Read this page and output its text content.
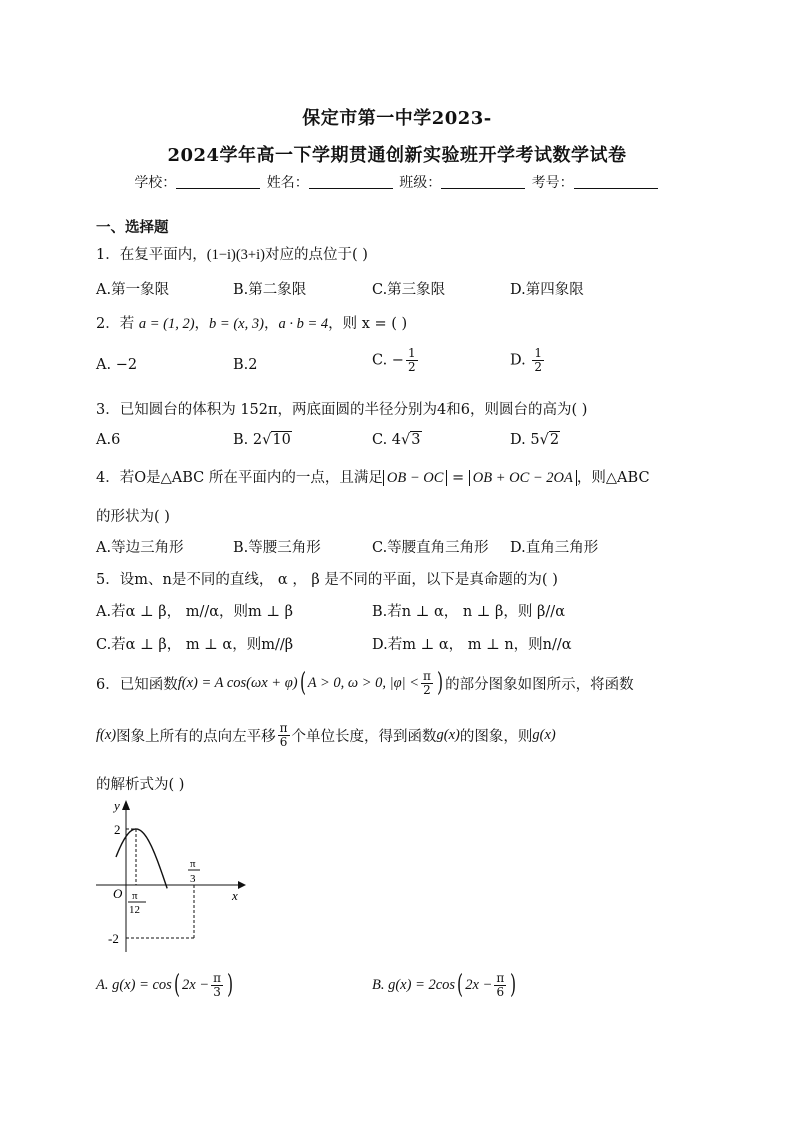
保定市第一中学2023-
2024学年高一下学期贯通创新实验班开学考试数学试卷
学校：	姓名：	班级：	考号：
一、选择题
1．在复平面内，(1−i)(3+i)对应的点位于( )
A.第一象限	B.第二象限	C.第三象限	D.第四象限
2．若 a = (1, 2)，b = (x, 3)，a · b = 4，则 x = ( )
A. −2	B.2	C. − $\frac{1}{2}$	D. $\frac{1}{2}$
3．已知圆台的体积为 152π，两底面圆的半径分别为4和6，则圆台的高为( )
A.6	B. 2√10	C. 4√3	D. 5√2
4．若O是△ABC 所在平面内的一点，且满足 OB − OC = OB + OC − 2OA ，则△ABC
的形状为( )
A.等边三角形	B.等腰三角形	C.等腰直角三角形 D.直角三角形
5．设m、n是不同的直线， α ， β 是不同的平面，以下是真命题的为( )
A.若α ⊥ β， m//α，则m ⊥ β	B.若n ⊥ α， n ⊥ β，则 β//α
C.若α ⊥ β， m ⊥ α，则m//β	D.若m ⊥ α， m ⊥ n，则n//α
6．已知函数 f(x) = A cos(ωx + φ) ( A > 0, ω > 0, $|\varphi| < \frac{\pi}{2}$ ) 的部分图象如图所示，将函数
f(x) 图象上所有的点向左平移 $\frac{\pi}{6}$ 个单位长度，得到函数 g(x) 的图象，则 g(x)
的解析式为( )
y
x
O
2
-2
π
12
π
3
A. g(x) = cos ( $2x - \frac{\pi}{3}$ )	B. g(x) = 2cos ( $2x - \frac{\pi}{6}$ )
